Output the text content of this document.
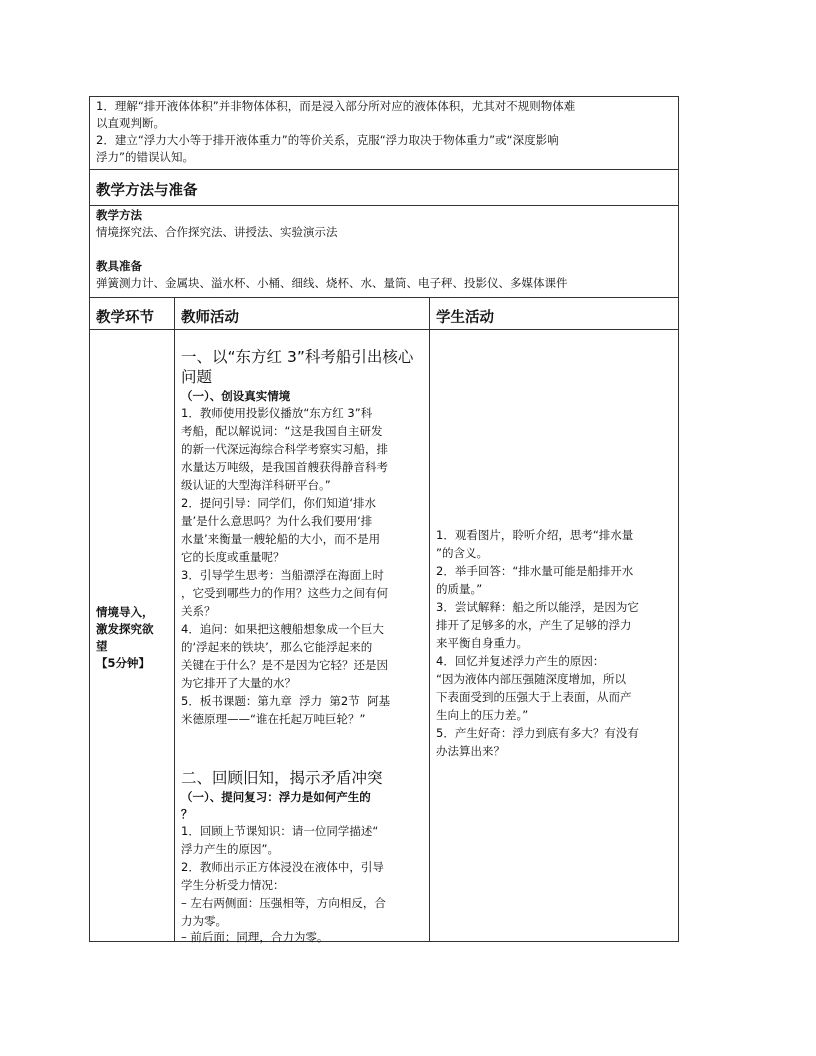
1．理解“排开液体体积”并非物体体积，而是浸入部分所对应的液体体积，尤其对不规则物体难
以直观判断。
2．建立“浮力大小等于排开液体重力”的等价关系，克服“浮力取决于物体重力”或“深度影响
浮力”的错误认知。
教学方法与准备
教学方法
情境探究法、合作探究法、讲授法、实验演示法
教具准备
弹簧测力计、金属块、溢水杯、小桶、细线、烧杯、水、量筒、电子秤、投影仪、多媒体课件
教学环节 教师活动	学生活动
情境导入，
激发探究欲
望
【5分钟】
一、以“东方红 3”科考船引出核心
问题
（一）、创设真实情境
1．教师使用投影仪播放“东方红 3”科
考船，配以解说词：“这是我国自主研发
的新一代深远海综合科学考察实习船，排
水量达万吨级，是我国首艘获得静音科考
级认证的大型海洋科研平台。”
2．提问引导：同学们，你们知道‘排水
量’是什么意思吗？为什么我们要用‘排
水量’来衡量一艘轮船的大小，而不是用
它的长度或重量呢？
3．引导学生思考：当船漂浮在海面上时
，它受到哪些力的作用？这些力之间有何
关系？
4．追问：如果把这艘船想象成一个巨大
的‘浮起来的铁块’，那么它能浮起来的
关键在于什么？是不是因为它轻？还是因
为它排开了大量的水？
5．板书课题：第九章  浮力  第2节  阿基
米德原理——“谁在托起万吨巨轮？”
二、回顾旧知，揭示矛盾冲突
（一）、提问复习：浮力是如何产生的
？
1．回顾上节课知识：请一位同学描述“
浮力产生的原因”。
2．教师出示正方体浸没在液体中，引导
学生分析受力情况：
– 左右两侧面：压强相等，方向相反，合
力为零。
– 前后面：同理，合力为零。
1．观看图片，聆听介绍，思考“排水量
”的含义。
2．举手回答：“排水量可能是船排开水
的质量。”
3．尝试解释：船之所以能浮，是因为它
排开了足够多的水，产生了足够的浮力
来平衡自身重力。
4．回忆并复述浮力产生的原因：
“因为液体内部压强随深度增加，所以
下表面受到的压强大于上表面，从而产
生向上的压力差。”
5．产生好奇：浮力到底有多大？有没有
办法算出来？
